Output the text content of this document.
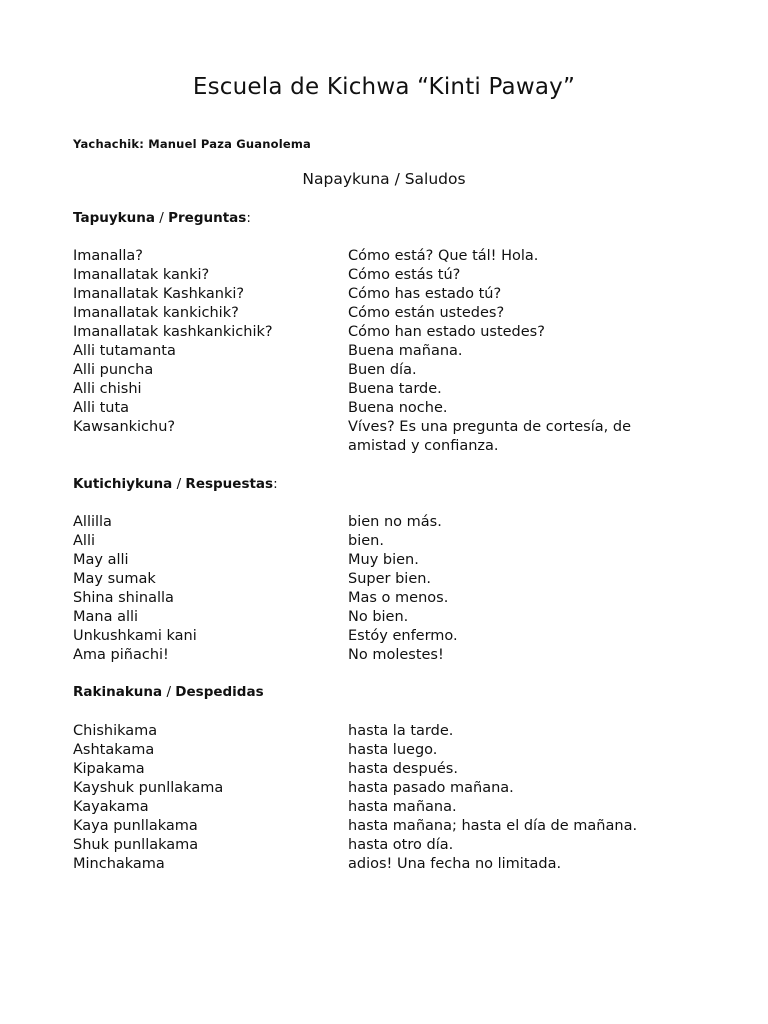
Escuela de Kichwa “Kinti Paway”
Yachachik: Manuel Paza Guanolema
Napaykuna / Saludos
Tapuykuna / Preguntas:
Imanalla?	Cómo está? Que tál! Hola.
Imanallatak kanki?	Cómo estás tú?
Imanallatak Kashkanki?	Cómo has estado tú?
Imanallatak kankichik?	Cómo están ustedes?
Imanallatak kashkankichik?	Cómo han estado ustedes?
Alli tutamanta	Buena mañana.
Alli puncha	Buen día.
Alli chishi	Buena tarde.
Alli tuta	Buena noche.
Kawsankichu?	Víves? Es una pregunta de cortesía, de amistad y confianza.
Kutichiykuna / Respuestas:
Allilla	bien no más.
Alli	bien.
May alli	Muy bien.
May sumak	Super bien.
Shina shinalla	Mas o menos.
Mana alli	No bien.
Unkushkami kani	Estóy enfermo.
Ama piñachi!	No molestes!
Rakinakuna / Despedidas
Chishikama	hasta la tarde.
Ashtakama	hasta luego.
Kipakama	hasta después.
Kayshuk punllakama	hasta pasado mañana.
Kayakama	hasta mañana.
Kaya punllakama	hasta mañana; hasta el día de mañana.
Shuk punllakama	hasta otro día.
Minchakama	adios! Una fecha no limitada.
